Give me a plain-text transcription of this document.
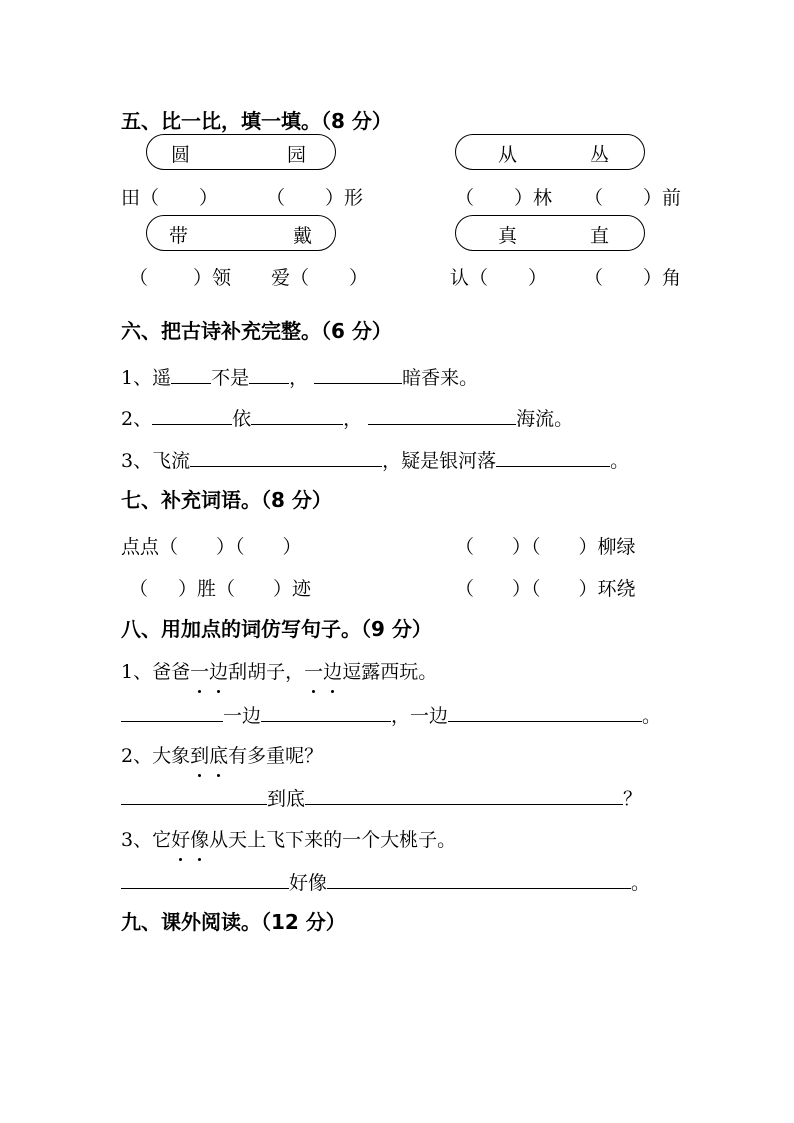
五、比一比，填一填。（8 分）
圆	园	从	丛
田（ ）	（ ）形	（ ）林 （ ）前
带	戴	真	直
（ ）领 爱（ ）	认（ ） （ ）角
六、把古诗补充完整。（6 分）
1、遥 不是 ，	暗香来。
2、	依	，	海流。
3、飞流	，疑是银河落	。
七、补充词语。（8 分）
点点（ ）（ ）	（ ）（ ）柳绿
（ ）胜（ ）迹	（ ）（ ）环绕
八、用加点的词仿写句子。（9 分）
1、爸爸一边刮胡子，一边逗露西玩。
一边	，一边	。
2、大象到底有多重呢？
到底	？
3、它好像从天上飞下来的一个大桃子。
好像	。
九、课外阅读。（12 分）
